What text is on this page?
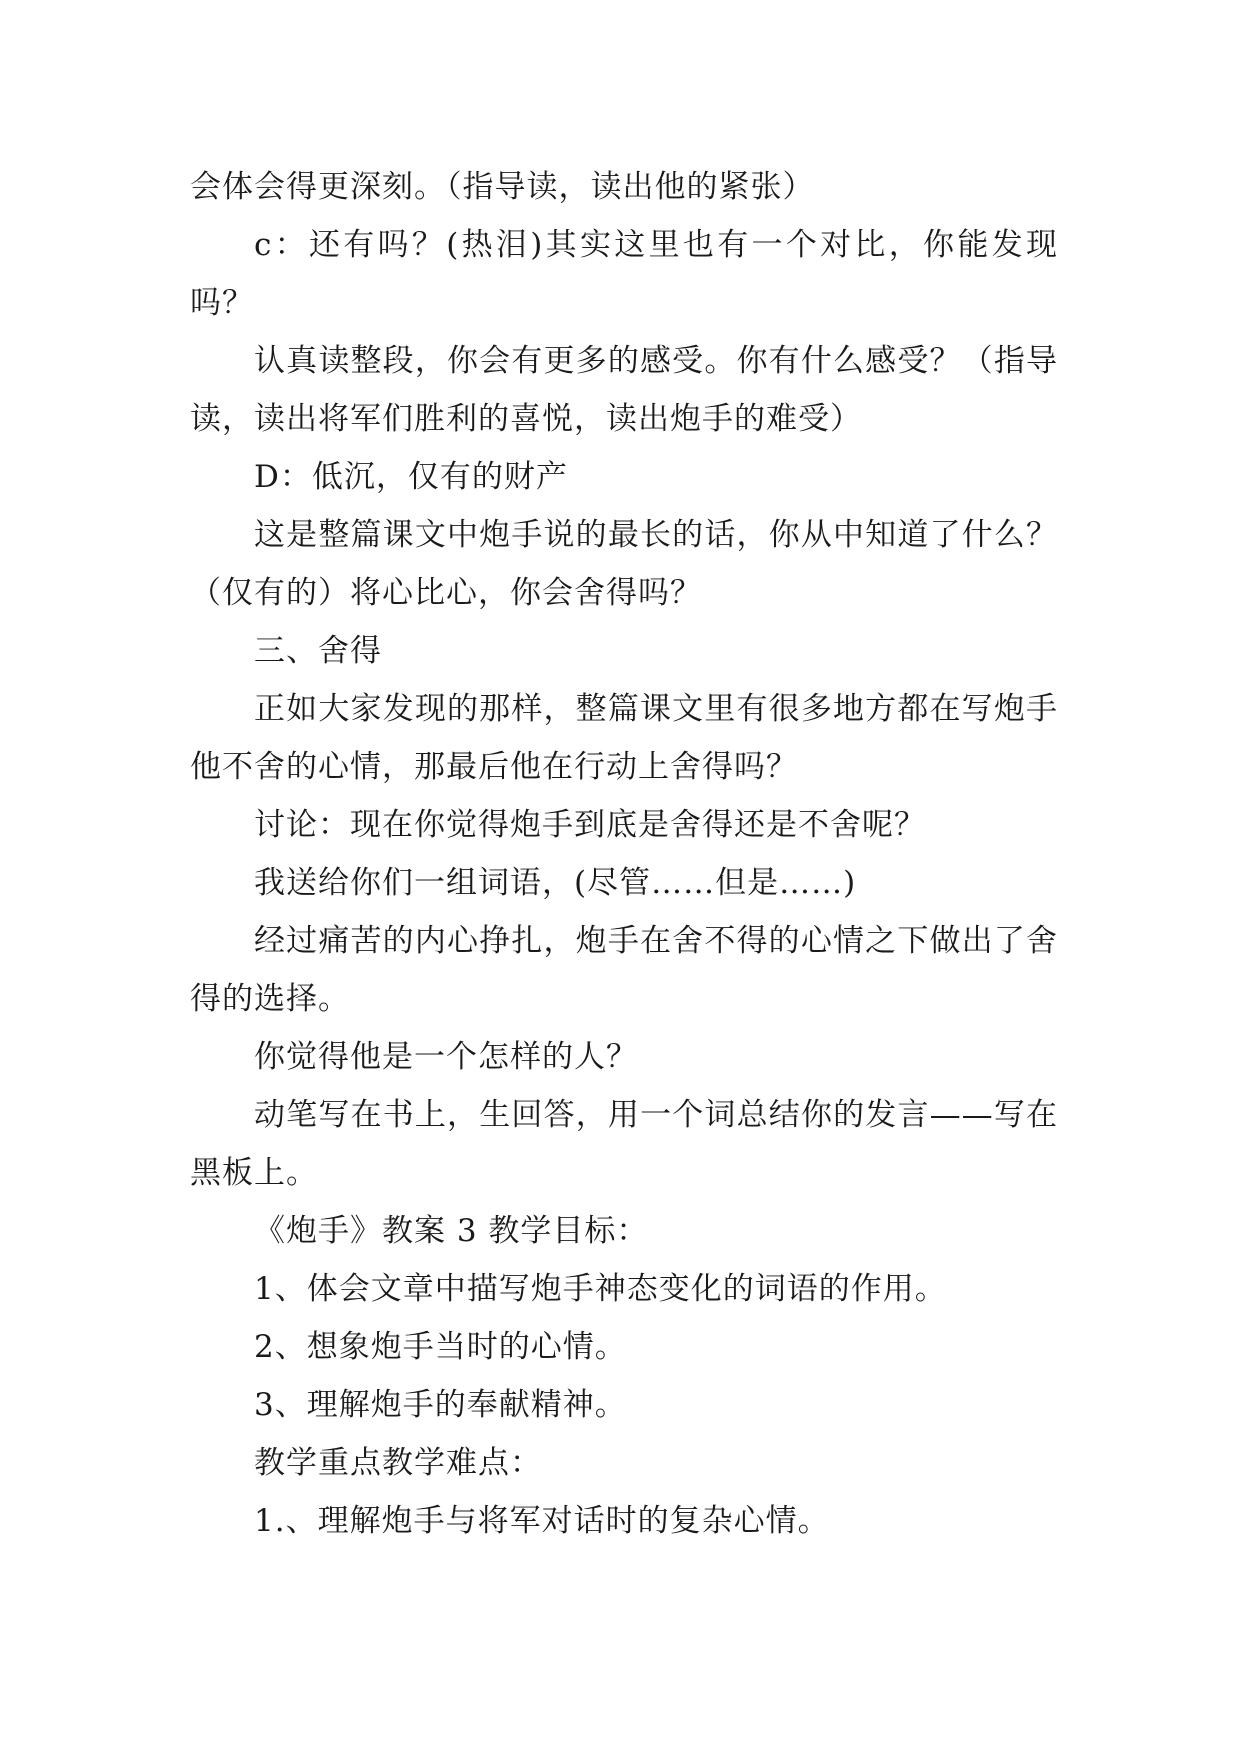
会体会得更深刻。（指导读，读出他的紧张）

c：还有吗？(热泪)其实这里也有一个对比，你能发现吗？

认真读整段，你会有更多的感受。你有什么感受？（指导读，读出将军们胜利的喜悦，读出炮手的难受）

D：低沉，仅有的财产

这是整篇课文中炮手说的最长的话，你从中知道了什么？（仅有的）将心比心，你会舍得吗？

三、舍得

正如大家发现的那样，整篇课文里有很多地方都在写炮手他不舍的心情，那最后他在行动上舍得吗？

讨论：现在你觉得炮手到底是舍得还是不舍呢？

我送给你们一组词语，(尽管……但是……)

经过痛苦的内心挣扎，炮手在舍不得的心情之下做出了舍得的选择。

你觉得他是一个怎样的人？

动笔写在书上，生回答，用一个词总结你的发言——写在黑板上。

《炮手》教案 3 教学目标：

1、体会文章中描写炮手神态变化的词语的作用。

2、想象炮手当时的心情。

3、理解炮手的奉献精神。

教学重点教学难点：

1.、理解炮手与将军对话时的复杂心情。
